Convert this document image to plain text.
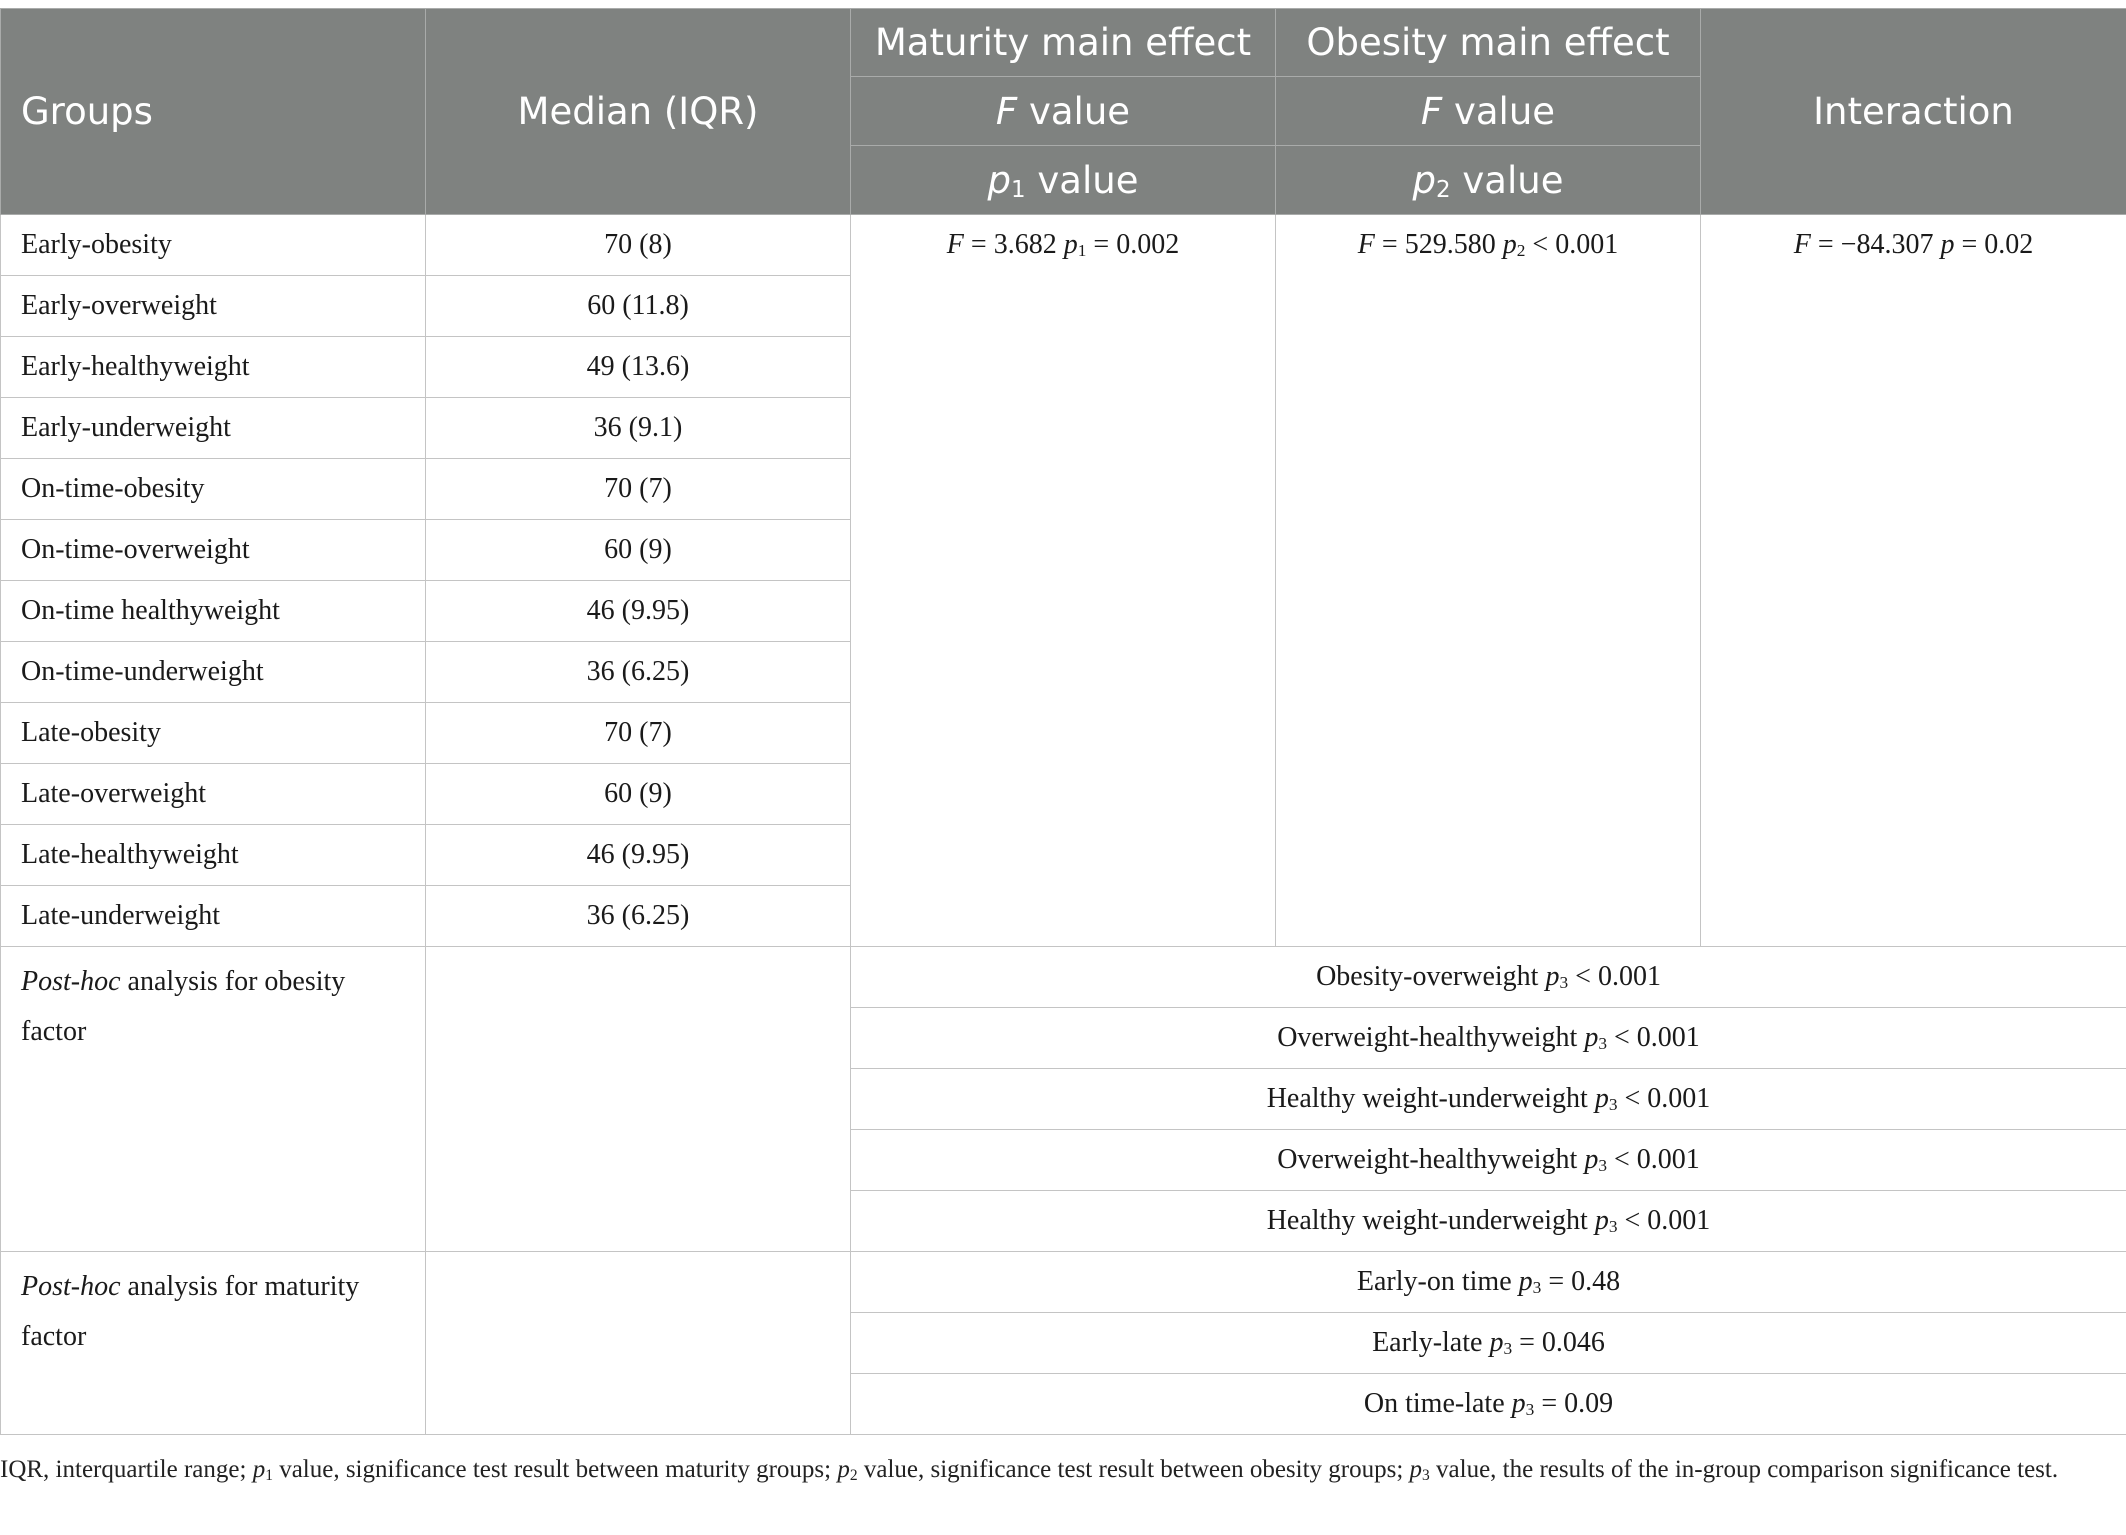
Groups	Median (IQR)	Maturity main effect	Obesity main effect	Interaction
		F value	F value	
		$p_1$ value	$p_2$ value	
Early-obesity	70 (8)	F = 3.682 $p_1 = 0.002$	F = 529.580 $p_2 < 0.001$	F = −84.307 p = 0.02
Early-overweight	60 (11.8)			
Early-healthyweight	49 (13.6)			
Early-underweight	36 (9.1)			
On-time-obesity	70 (7)			
On-time-overweight	60 (9)			
On-time healthyweight	46 (9.95)			
On-time-underweight	36 (6.25)			
Late-obesity	70 (7)			
Late-overweight	60 (9)			
Late-healthyweight	46 (9.95)			
Late-underweight	36 (6.25)			
Post-hoc analysis for obesity factor		Obesity-overweight $p_3 < 0.001$		
		Overweight-healthyweight $p_3 < 0.001$		
		Healthy weight-underweight $p_3 < 0.001$		
		Overweight-healthyweight $p_3 < 0.001$		
		Healthy weight-underweight $p_3 < 0.001$		
Post-hoc analysis for maturity factor		Early-on time $p_3 = 0.48$		
		Early-late $p_3 = 0.046$		
		On time-late $p_3 = 0.09$		
IQR, interquartile range; $p_1$ value, significance test result between maturity groups; $p_2$ value, significance test result between obesity groups; $p_3$ value, the results of the in-group comparison significance test.
